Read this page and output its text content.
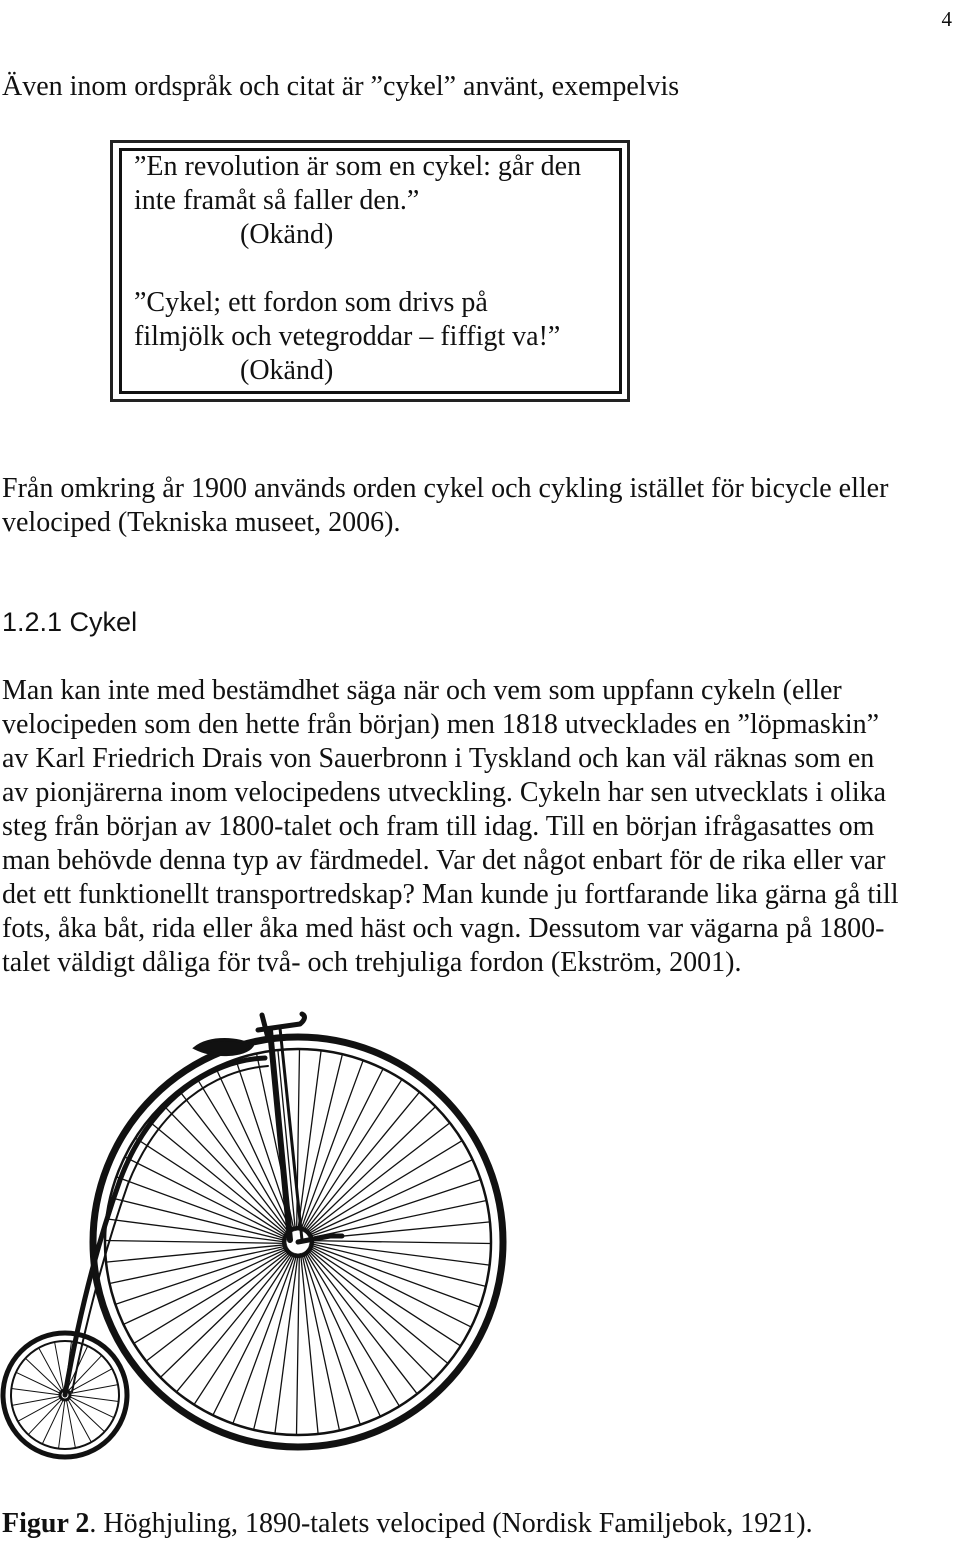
4
Även inom ordspråk och citat är ”cykel” använt, exempelvis
”En revolution är som en cykel: går den
inte framåt så faller den.”
(Okänd)
”Cykel; ett fordon som drivs på
filmjölk och vetegroddar – fiffigt va!”
(Okänd)
Från omkring år 1900 används orden cykel och cykling istället för bicycle eller
velociped (Tekniska museet, 2006).
1.2.1 Cykel
Man kan inte med bestämdhet säga när och vem som uppfann cykeln (eller
velocipeden som den hette från början) men 1818 utvecklades en ”löpmaskin”
av Karl Friedrich Drais von Sauerbronn i Tyskland och kan väl räknas som en
av pionjärerna inom velocipedens utveckling. Cykeln har sen utvecklats i olika
steg från början av 1800-talet och fram till idag. Till en början ifrågasattes om
man behövde denna typ av färdmedel. Var det något enbart för de rika eller var
det ett funktionellt transportredskap? Man kunde ju fortfarande lika gärna gå till
fots, åka båt, rida eller åka med häst och vagn. Dessutom var vägarna på 1800-
talet väldigt dåliga för två- och trehjuliga fordon (Ekström, 2001).
Figur 2. Höghjuling, 1890-talets velociped (Nordisk Familjebok, 1921).
